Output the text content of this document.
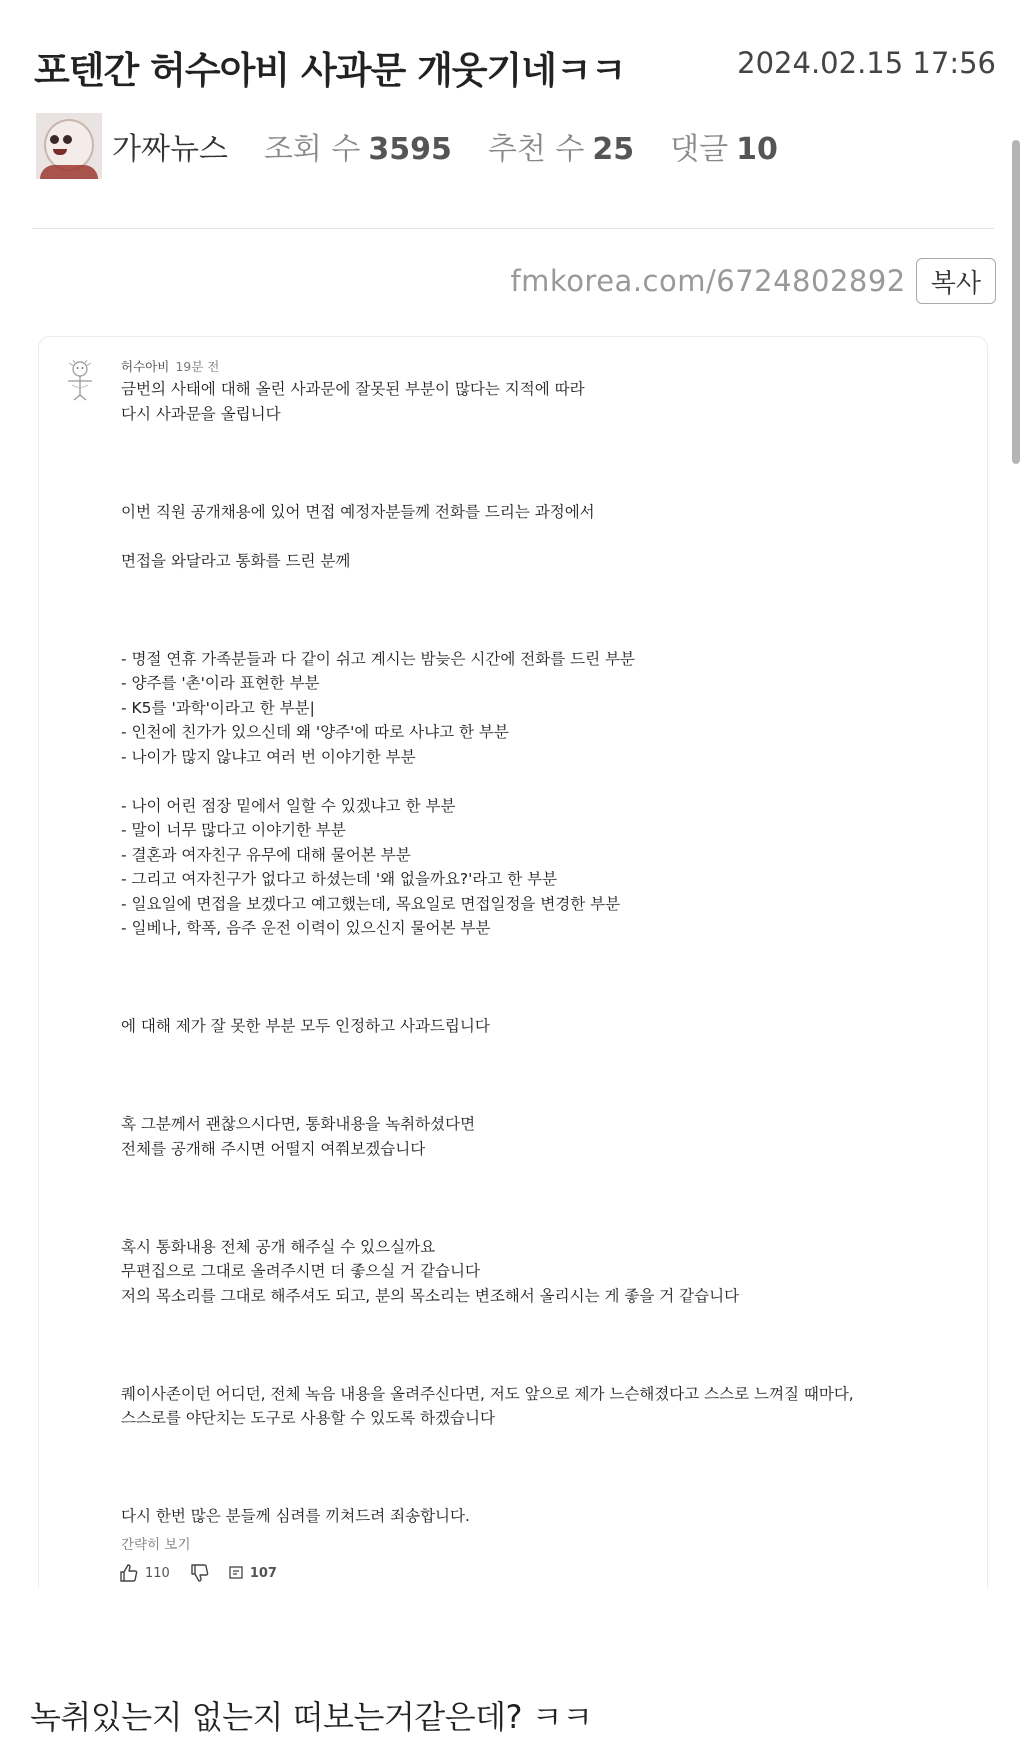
포텐간 허수아비 사과문 개웃기네ㅋㅋ	2024.02.15 17:56
가짜뉴스 조회 수 3595 추천 수 25 댓글 10
fmkorea.com/6724802892 복사
허수아비 19분 전
금번의 사태에 대해 올린 사과문에 잘못된 부분이 많다는 지적에 따라
다시 사과문을 올립니다

이번 직원 공개채용에 있어 면접 예정자분들께 전화를 드리는 과정에서

면접을 와달라고 통화를 드린 분께

- 명절 연휴 가족분들과 다 같이 쉬고 계시는 밤늦은 시간에 전화를 드린 부분
- 양주를 '촌'이라 표현한 부분
- K5를 '과학'이라고 한 부분|
- 인천에 친가가 있으신데 왜 '양주'에 따로 사냐고 한 부분
- 나이가 많지 않냐고 여러 번 이야기한 부분

- 나이 어린 점장 밑에서 일할 수 있겠냐고 한 부분
- 말이 너무 많다고 이야기한 부분
- 결혼과 여자친구 유무에 대해 물어본 부분
- 그리고 여자친구가 없다고 하셨는데 '왜 없을까요?'라고 한 부분
- 일요일에 면접을 보겠다고 예고했는데, 목요일로 면접일정을 변경한 부분
- 일베나, 학폭, 음주 운전 이력이 있으신지 물어본 부분

에 대해 제가 잘 못한 부분 모두 인정하고 사과드립니다

혹 그분께서 괜찮으시다면, 통화내용을 녹취하셨다면
전체를 공개해 주시면 어떨지 여쭤보겠습니다

혹시 통화내용 전체 공개 해주실 수 있으실까요
무편집으로 그대로 올려주시면 더 좋으실 거 같습니다
저의 목소리를 그대로 해주셔도 되고, 분의 목소리는 변조해서 올리시는 게 좋을 거 같습니다

퀘이사존이던 어디던, 전체 녹음 내용을 올려주신다면, 저도 앞으로 제가 느슨해졌다고 스스로 느껴질 때마다,
스스로를 야단치는 도구로 사용할 수 있도록 하겠습니다

다시 한번 많은 분들께 심려를 끼쳐드려 죄송합니다.
간략히 보기
110	107

녹취있는지 없는지 떠보는거같은데? ㅋㅋ
